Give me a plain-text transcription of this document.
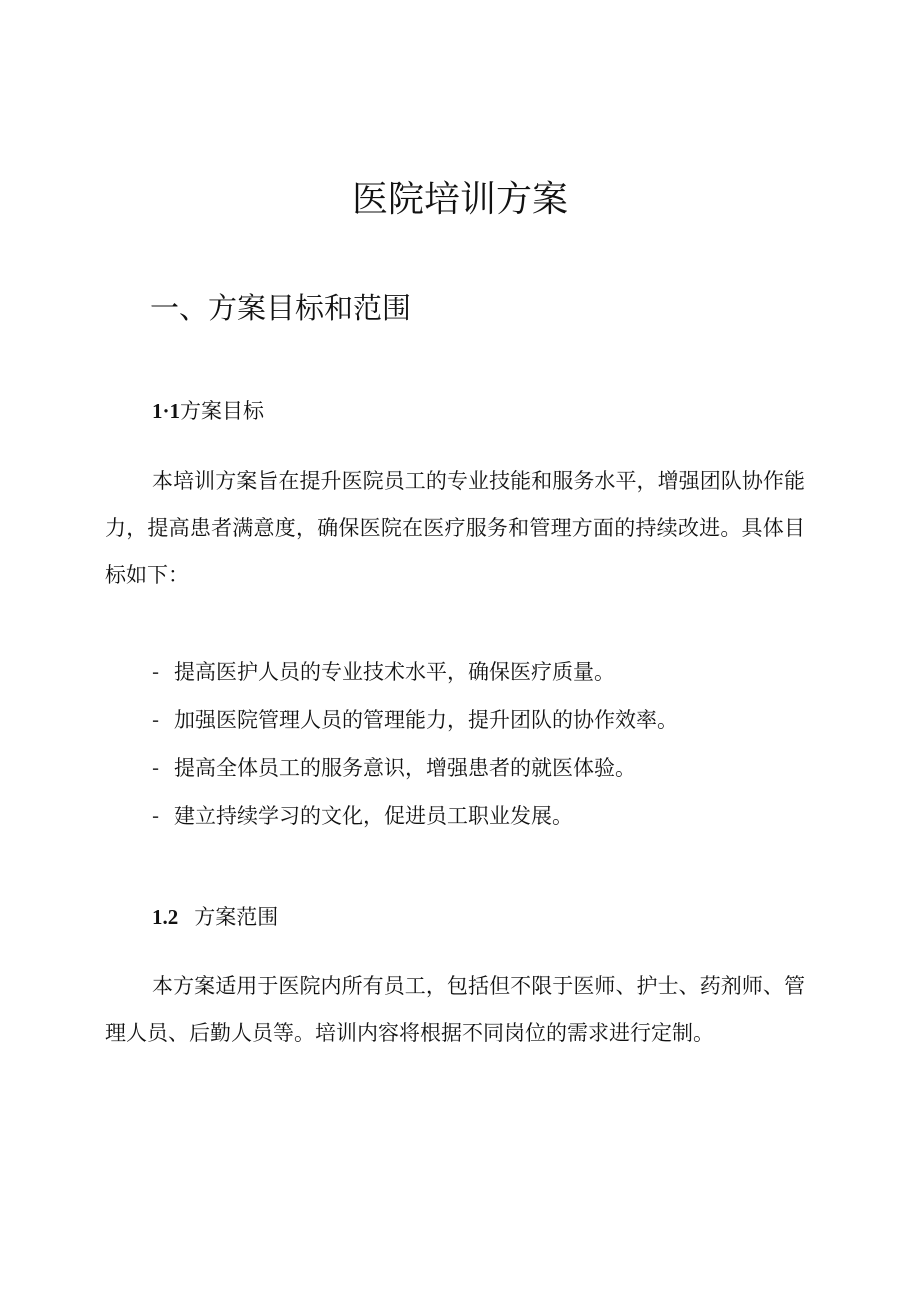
医院培训方案
一、方案目标和范围
1·1方案目标

本培训方案旨在提升医院员工的专业技能和服务水平，增强团队协作能力，提高患者满意度，确保医院在医疗服务和管理方面的持续改进。具体目标如下：

- 提高医护人员的专业技术水平，确保医疗质量。
- 加强医院管理人员的管理能力，提升团队的协作效率。
- 提高全体员工的服务意识，增强患者的就医体验。
- 建立持续学习的文化，促进员工职业发展。
1.2 方案范围

本方案适用于医院内所有员工，包括但不限于医师、护士、药剂师、管理人员、后勤人员等。培训内容将根据不同岗位的需求进行定制。
